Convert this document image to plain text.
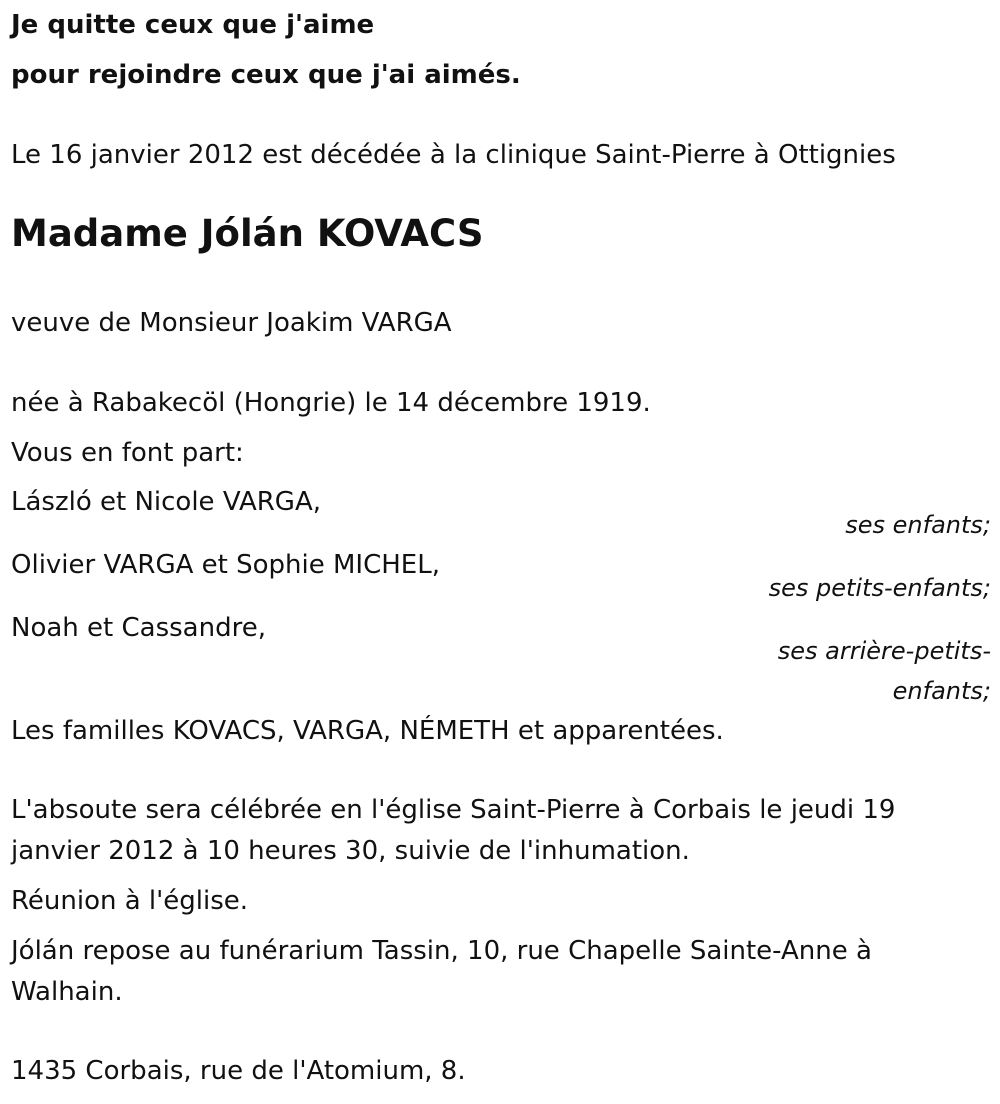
Je quitte ceux que j'aime
pour rejoindre ceux que j'ai aimés.
Le 16 janvier 2012 est décédée à la clinique Saint-Pierre à Ottignies
Madame Jólán KOVACS
veuve de Monsieur Joakim VARGA
née à Rabakecöl (Hongrie) le 14 décembre 1919.
Vous en font part:
László et Nicole VARGA,
ses enfants;
Olivier VARGA et Sophie MICHEL,
ses petits-enfants;
Noah et Cassandre,
ses arrière-petits-
enfants;
Les familles KOVACS, VARGA, NÉMETH et apparentées.
L'absoute sera célébrée en l'église Saint-Pierre à Corbais le jeudi 19
janvier 2012 à 10 heures 30, suivie de l'inhumation.
Réunion à l'église.
Jólán repose au funérarium Tassin, 10, rue Chapelle Sainte-Anne à
Walhain.
1435 Corbais, rue de l'Atomium, 8.
